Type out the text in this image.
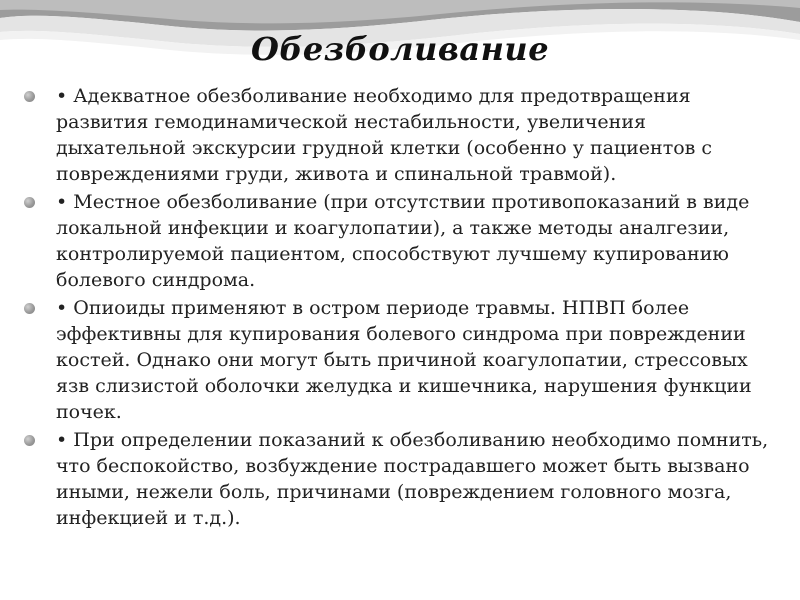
Обезболивание
• Адекватное обезболивание необходимо для предотвращения развития гемодинамической нестабильности, увеличения дыхательной экскурсии грудной клетки (особенно у пациентов с повреждениями груди, живота и спинальной травмой).
• Местное обезболивание (при отсутствии противопоказаний в виде локальной инфекции и коагулопатии), а также методы аналгезии, контролируемой пациентом, способствуют лучшему купированию болевого синдрома.
• Опиоиды применяют в остром периоде травмы. НПВП более эффективны для купирования болевого синдрома при повреждении костей. Однако они могут быть причиной коагулопатии, стрессовых язв слизистой оболочки желудка и кишечника, нарушения функции почек.
• При определении показаний к обезболиванию необходимо помнить, что беспокойство, возбуждение пострадавшего может быть вызвано иными, нежели боль, причинами (повреждением головного мозга, инфекцией и т.д.).
